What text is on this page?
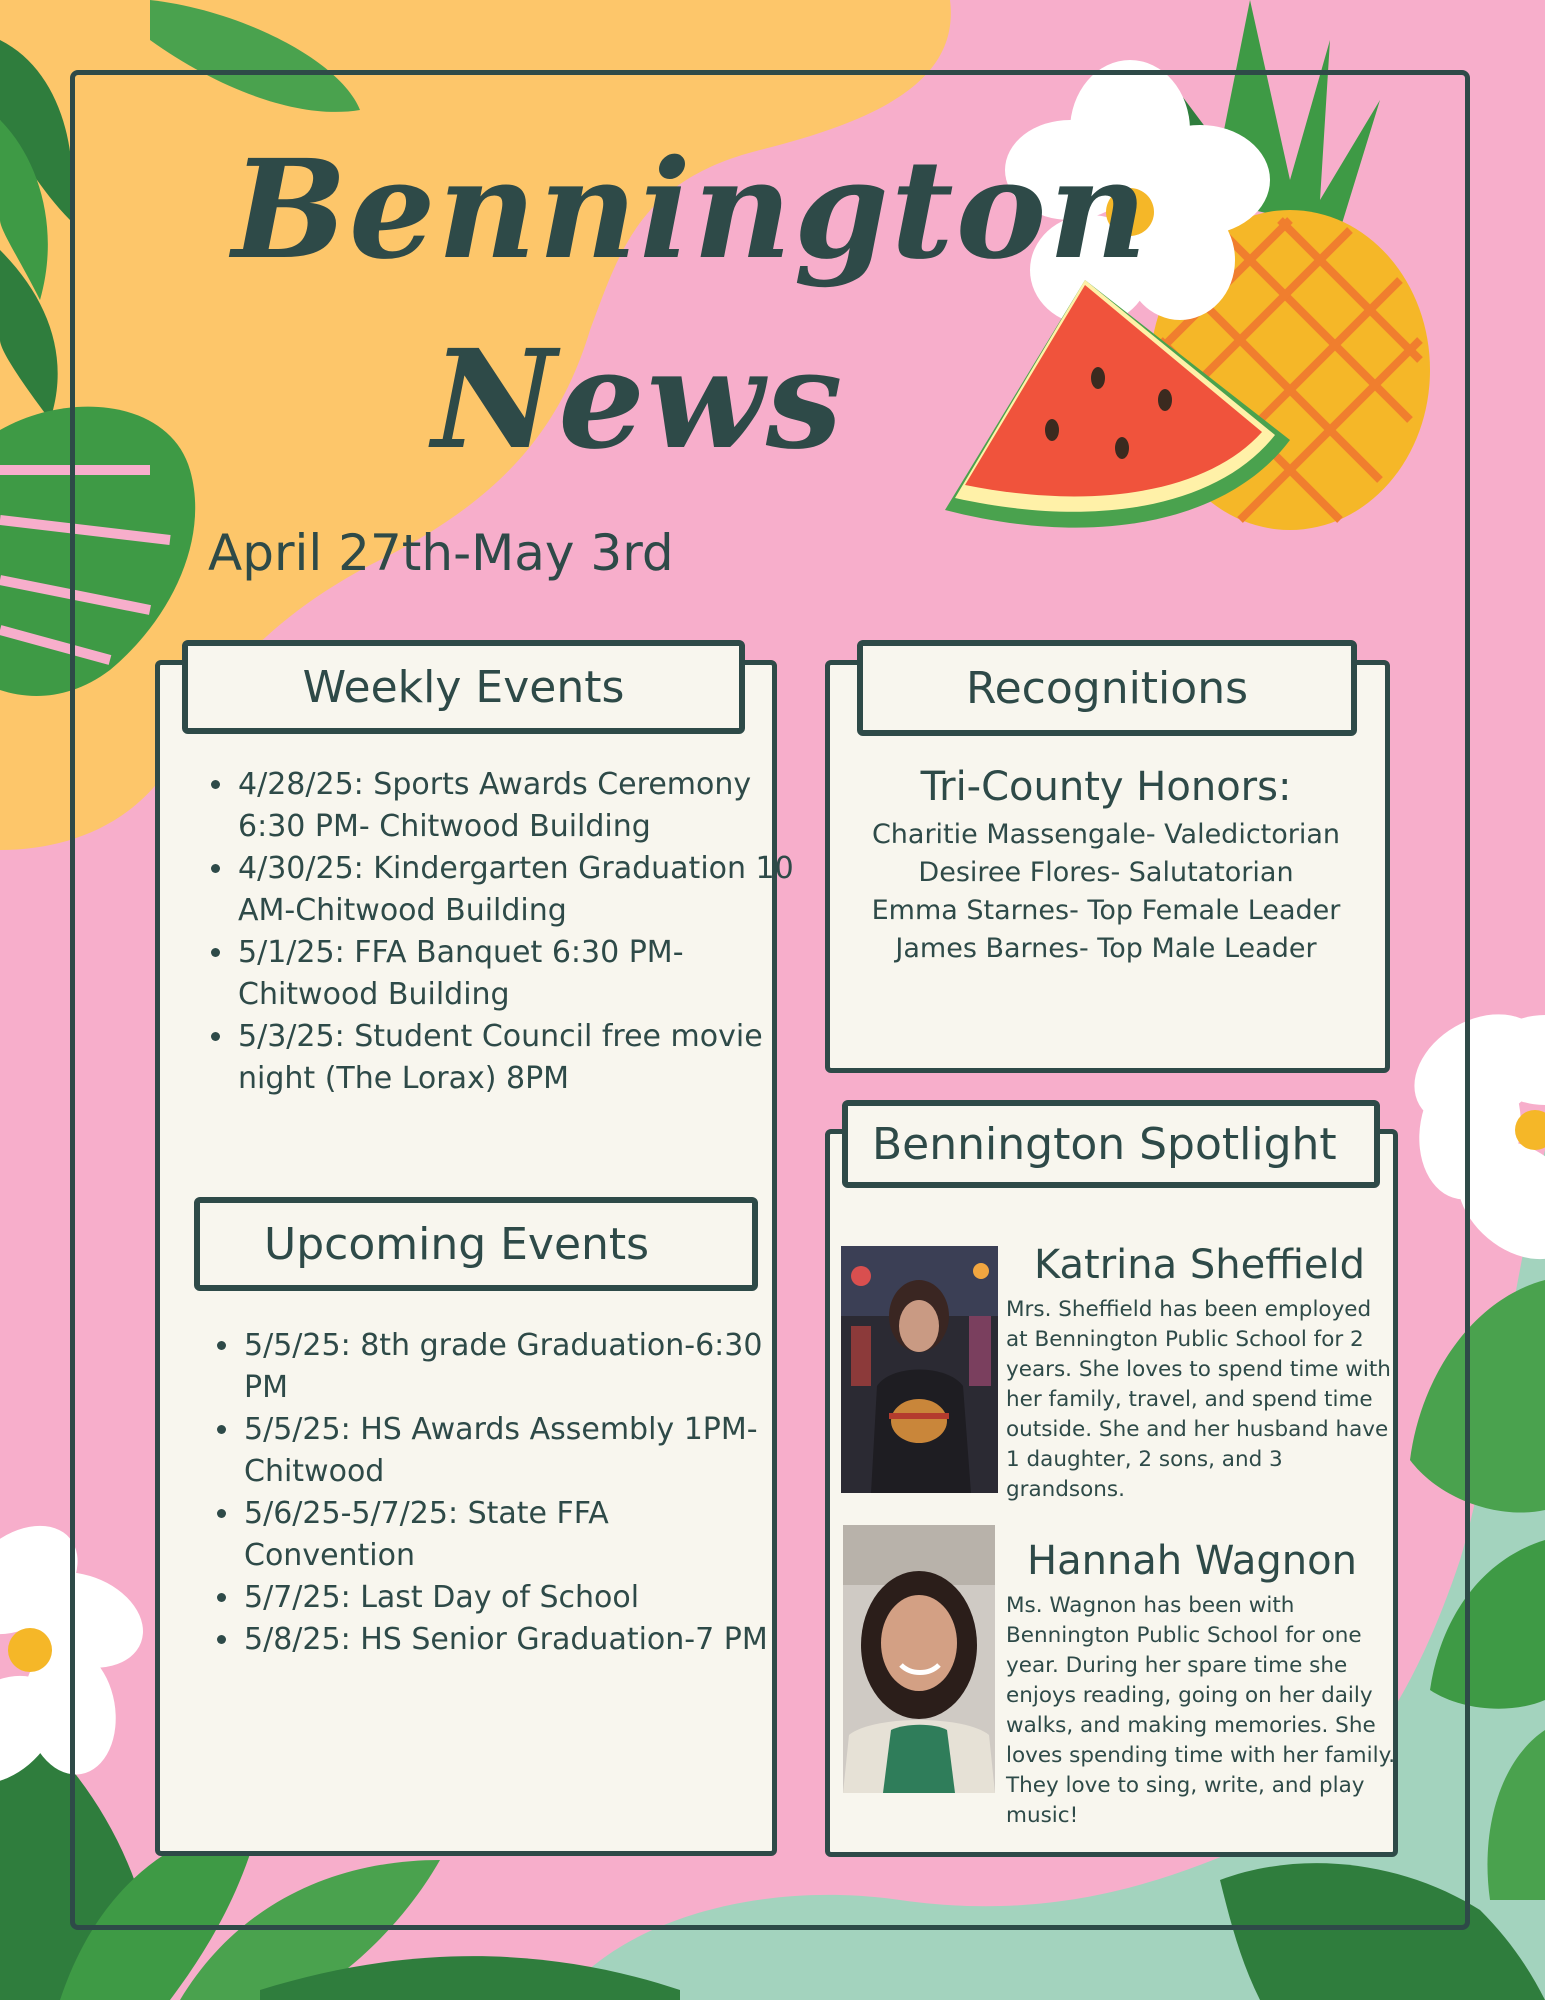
Bennington
News
April 27th-May 3rd
Weekly Events
• 4/28/25: Sports Awards Ceremony 6:30 PM- Chitwood Building
• 4/30/25: Kindergarten Graduation 10 AM-Chitwood Building
• 5/1/25: FFA Banquet 6:30 PM- Chitwood Building
• 5/3/25: Student Council free movie night (The Lorax) 8PM
Upcoming Events
• 5/5/25: 8th grade Graduation-6:30 PM
• 5/5/25: HS Awards Assembly 1PM-Chitwood
• 5/6/25-5/7/25: State FFA Convention
• 5/7/25: Last Day of School
• 5/8/25: HS Senior Graduation-7 PM
Recognitions
Tri-County Honors:
Charitie Massengale- Valedictorian
Desiree Flores- Salutatorian
Emma Starnes- Top Female Leader
James Barnes- Top Male Leader
Bennington Spotlight
Katrina Sheffield
Mrs. Sheffield has been employed at Bennington Public School for 2 years. She loves to spend time with her family, travel, and spend time outside. She and her husband have 1 daughter, 2 sons, and 3 grandsons.
Hannah Wagnon
Ms. Wagnon has been with Bennington Public School for one year. During her spare time she enjoys reading, going on her daily walks, and making memories. She loves spending time with her family. They love to sing, write, and play music!
